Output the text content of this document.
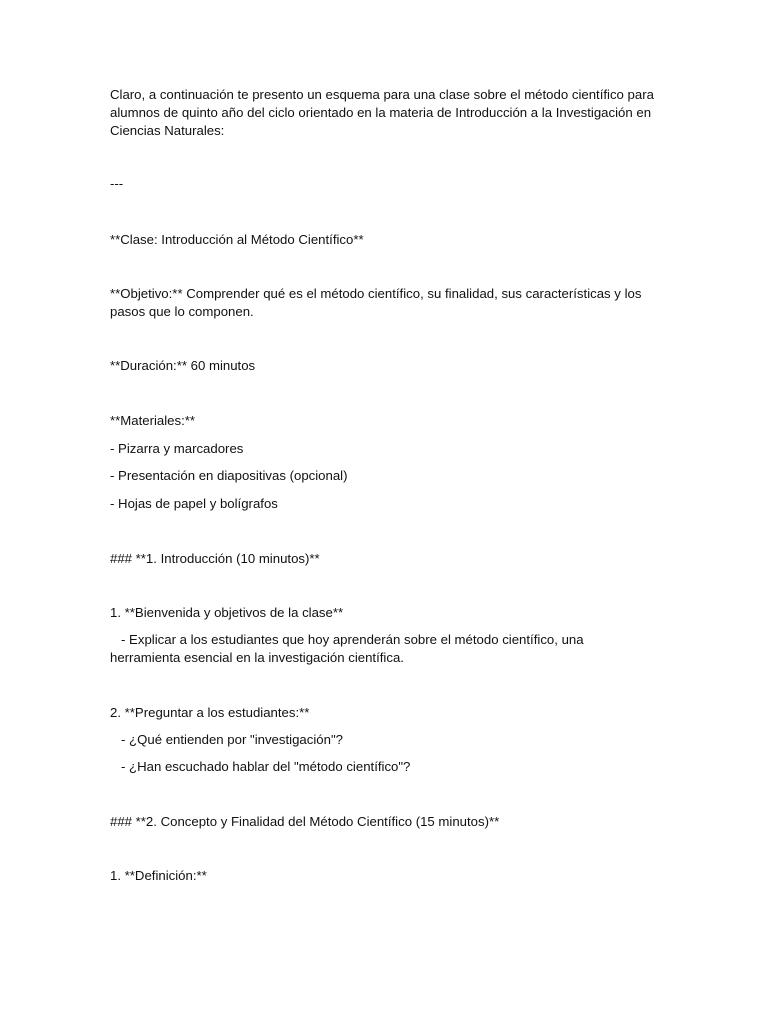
Claro, a continuación te presento un esquema para una clase sobre el método científico para alumnos de quinto año del ciclo orientado en la materia de Introducción a la Investigación en Ciencias Naturales:

---

**Clase: Introducción al Método Científico**

**Objetivo:** Comprender qué es el método científico, su finalidad, sus características y los pasos que lo componen.

**Duración:** 60 minutos

**Materiales:**

- Pizarra y marcadores

- Presentación en diapositivas (opcional)

- Hojas de papel y bolígrafos

### **1. Introducción (10 minutos)**

1. **Bienvenida y objetivos de la clase**

- Explicar a los estudiantes que hoy aprenderán sobre el método científico, una herramienta esencial en la investigación científica.

2. **Preguntar a los estudiantes:**

- ¿Qué entienden por "investigación"?

- ¿Han escuchado hablar del "método científico"?

### **2. Concepto y Finalidad del Método Científico (15 minutos)**

1. **Definición:**
